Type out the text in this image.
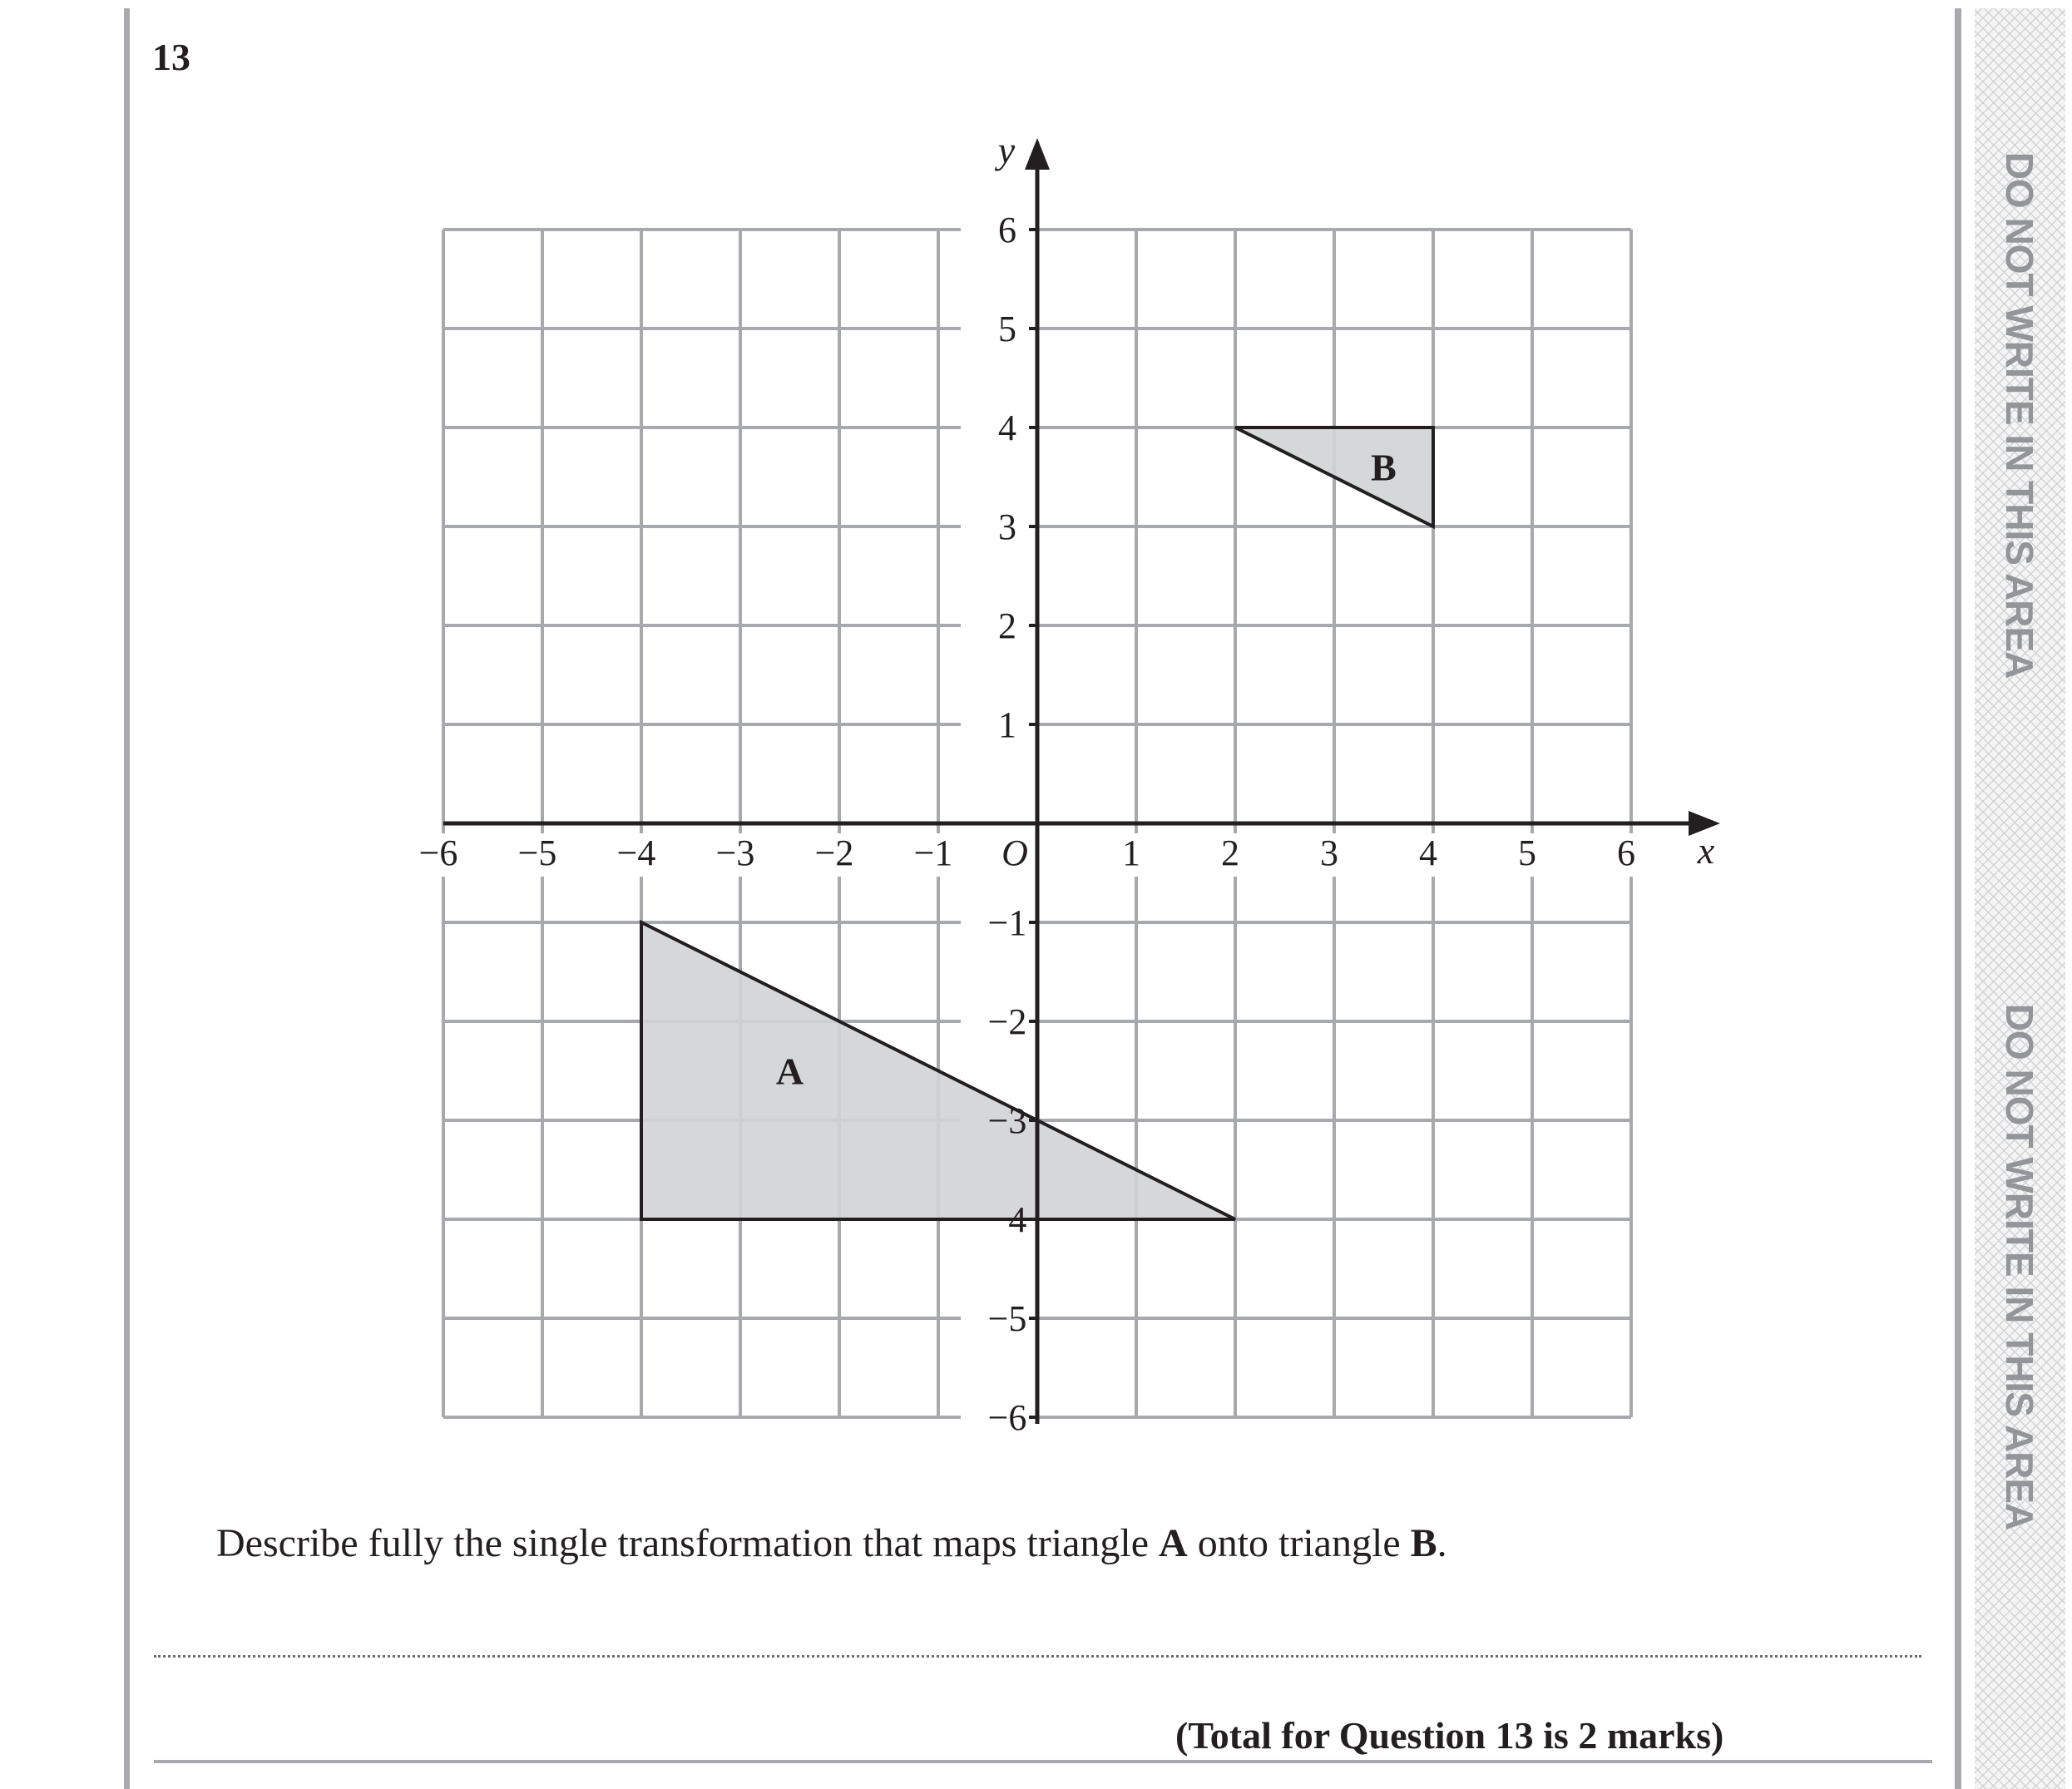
DO NOT WRITE IN THIS AREA
DO NOT WRITE IN THIS AREA
13
A
B
−6 −5 −4 −3 −2 −1	1 2 3 4 5 6
−6
−5
−4
−3
−2
−1
1
2
3
4
5
6
y
x
O
Describe fully the single transformation that maps triangle A onto triangle B.
(Total for Question 13 is 2 marks)
